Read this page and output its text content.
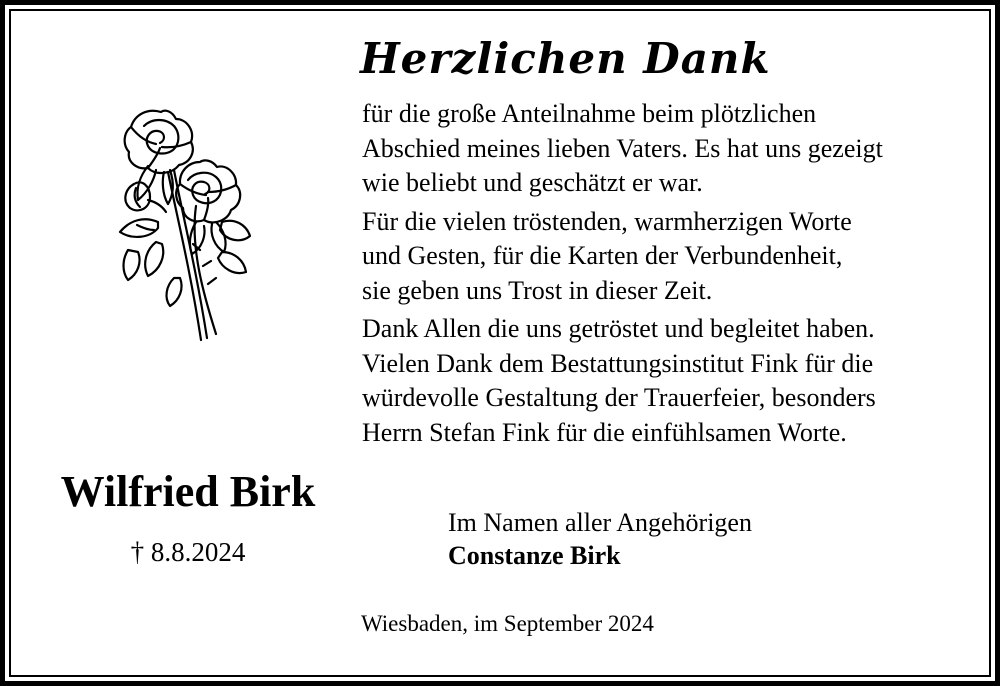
Herzlichen Dank

für die große Anteilnahme beim plötzlichen
Abschied meines lieben Vaters. Es hat uns gezeigt
wie beliebt und geschätzt er war.

Für die vielen tröstenden, warmherzigen Worte
und Gesten, für die Karten der Verbundenheit,
sie geben uns Trost in dieser Zeit.

Dank Allen die uns getröstet und begleitet haben.
Vielen Dank dem Bestattungsinstitut Fink für die
würdevolle Gestaltung der Trauerfeier, besonders
Herrn Stefan Fink für die einfühlsamen Worte.

Wilfried Birk
† 8.8.2024
Im Namen aller Angehörigen
Constanze Birk
Wiesbaden, im September 2024
